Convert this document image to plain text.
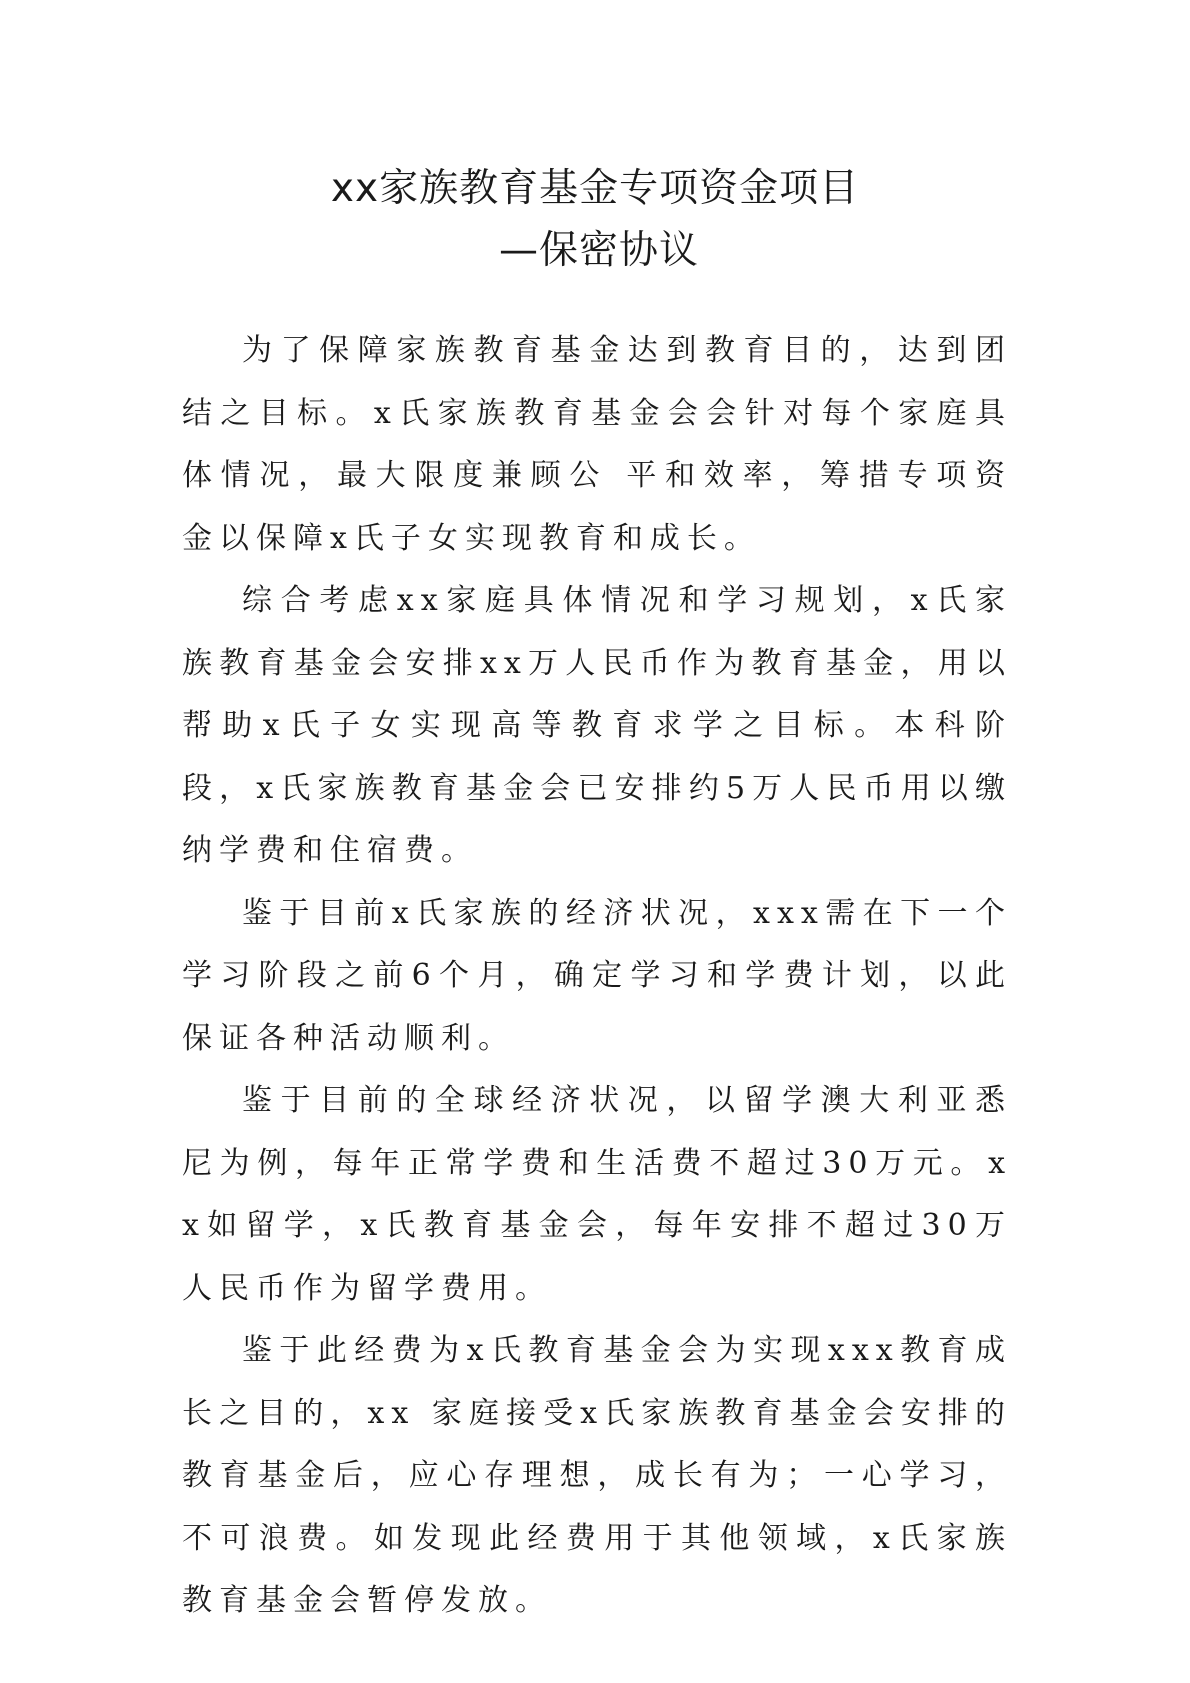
xx家族教育基金专项资金项目
—保密协议

为了保障家族教育基金达到教育目的，达到团结之目标。x氏家族教育基金会会针对每个家庭具体情况，最大限度兼顾公 平和效率，筹措专项资金以保障x氏子女实现教育和成长。

综合考虑xx家庭具体情况和学习规划，x氏家族教育基金会安排xx万人民币作为教育基金，用以帮助x氏子女实现高等教育求学之目标。本科阶段，x氏家族教育基金会已安排约5万人民币用以缴纳学费和住宿费。

鉴于目前x氏家族的经济状况，xxx需在下一个学习阶段之前6个月，确定学习和学费计划，以此保证各种活动顺利。

鉴于目前的全球经济状况，以留学澳大利亚悉尼为例，每年正常学费和生活费不超过30万元。xx如留学，x氏教育基金会，每年安排不超过30万人民币作为留学费用。

鉴于此经费为x氏教育基金会为实现xxx教育成长之目的，xx 家庭接受x氏家族教育基金会安排的教育基金后，应心存理想，成长有为；一心学习，不可浪费。如发现此经费用于其他领域，x氏家族教育基金会暂停发放。
